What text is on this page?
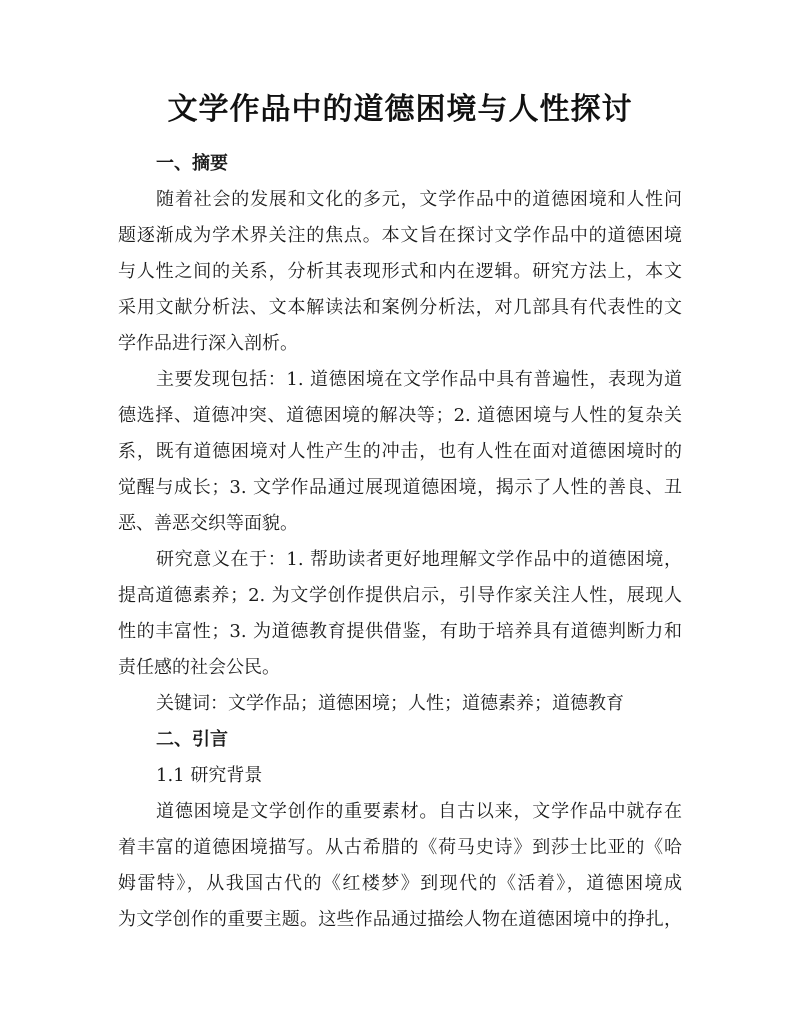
文学作品中的道德困境与人性探讨
一、摘要
随着社会的发展和文化的多元，文学作品中的道德困境和人性问
题逐渐成为学术界关注的焦点。本文旨在探讨文学作品中的道德困境
与人性之间的关系，分析其表现形式和内在逻辑。研究方法上，本文
采用文献分析法、文本解读法和案例分析法，对几部具有代表性的文
学作品进行深入剖析。
主要发现包括：1. 道德困境在文学作品中具有普遍性，表现为道
德选择、道德冲突、道德困境的解决等；2. 道德困境与人性的复杂关
系，既有道德困境对人性产生的冲击，也有人性在面对道德困境时的
觉醒与成长；3. 文学作品通过展现道德困境，揭示了人性的善良、丑
恶、善恶交织等面貌。
研究意义在于：1. 帮助读者更好地理解文学作品中的道德困境，
提高道德素养；2. 为文学创作提供启示，引导作家关注人性，展现人
性的丰富性；3. 为道德教育提供借鉴，有助于培养具有道德判断力和
责任感的社会公民。
关键词：文学作品；道德困境；人性；道德素养；道德教育
二、引言
1.1 研究背景
道德困境是文学创作的重要素材。自古以来，文学作品中就存在
着丰富的道德困境描写。从古希腊的《荷马史诗》到莎士比亚的《哈
姆雷特》，从我国古代的《红楼梦》到现代的《活着》，道德困境成
为文学创作的重要主题。这些作品通过描绘人物在道德困境中的挣扎，
